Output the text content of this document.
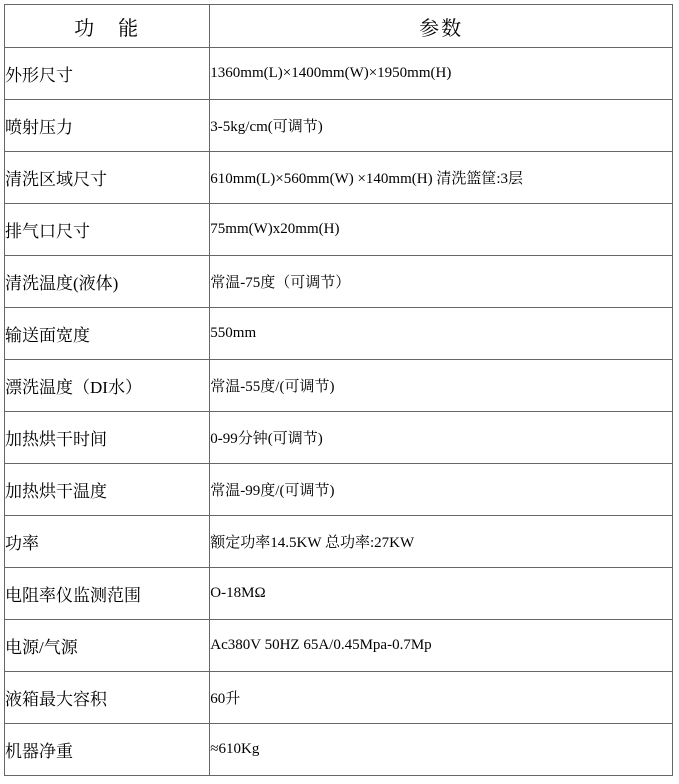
功　能	参数
外形尺寸	1360mm(L)×1400mm(W)×1950mm(H)
喷射压力	3-5kg/cm(可调节)
清洗区域尺寸	610mm(L)×560mm(W) ×140mm(H) 清洗篮筐:3层
排气口尺寸	75mm(W)x20mm(H)
清洗温度(液体)	常温-75度（可调节）
输送面宽度	550mm
漂洗温度（DI水）	常温-55度/(可调节)
加热烘干时间	0-99分钟(可调节)
加热烘干温度	常温-99度/(可调节)
功率	额定功率14.5KW 总功率:27KW
电阻率仪监测范围	O-18MΩ
电源/气源	Ac380V 50HZ 65A/0.45Mpa-0.7Mp
液箱最大容积	60升
机器净重	≈610Kg
